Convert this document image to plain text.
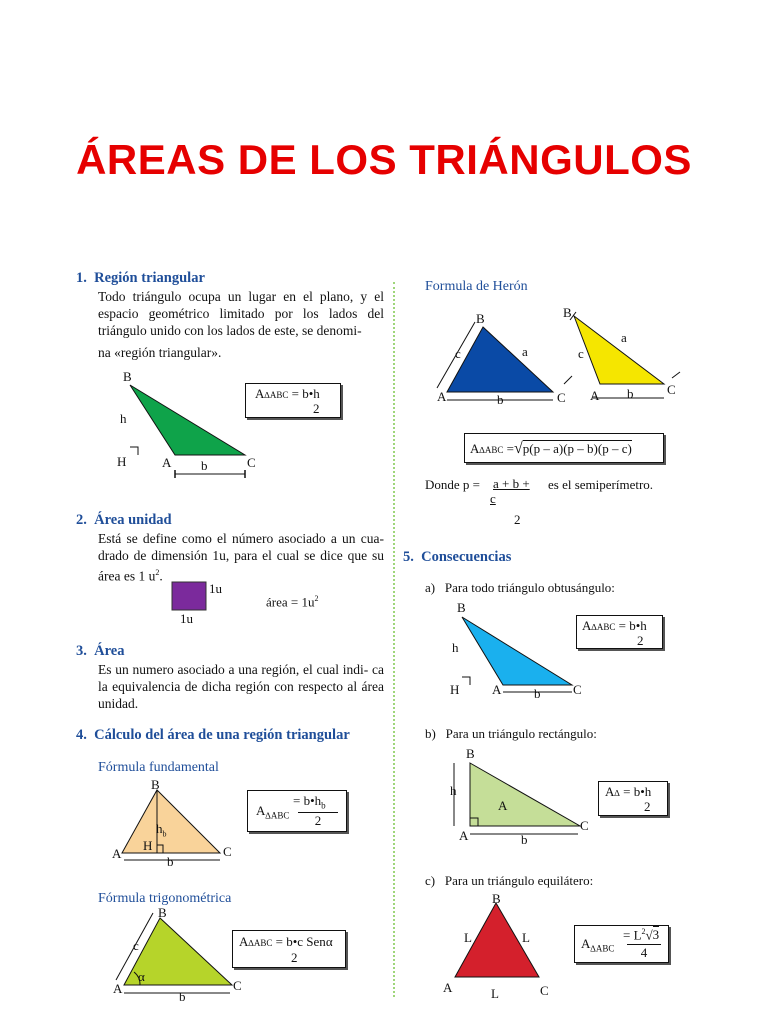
ÁREAS DE LOS TRIÁNGULOS
1. Región triangular
Todo triángulo ocupa un lugar en el plano, y el espacio geométrico limitado por los lados del triángulo unido con los lados de este, se denomi-
na «región triangular».
B
h
H	A b	C
A∆ABC = b•h
2
2. Área unidad
Está se define como el número asociado a un cua- drado de dimensión 1u, para el cual se dice que su área es 1 $u^2$.
1u
1u
área = $1u^2$
3. Área
Es un numero asociado a una región, el cual indi- ca la equivalencia de dicha región con respecto al área unidad.
4. Cálculo del área de una región triangular
Fórmula fundamental
B
$h_b$
H
A
b
C
$A_{\Delta ABC}$
= $b•h_b$
2
Fórmula trigonométrica
B
c
α
A
b
C
A∆ABC = b•c Senα
2
Formula de Herón
B
c	a
A	b	C
B
c
a
A b	C
A∆ABC =√p(p – a)(p – b)(p – c)
Donde p = a + b +
c
es el semiperímetro.
2
5. Consecuencias
a) Para todo triángulo obtusángulo:
B
h
H	A	b	C
A∆ABC = b•h
2
b) Para un triángulo rectángulo:
B
h
A
A	b
C
A∆ = b•h
2
c) Para un triángulo equilátero:
B
L	L
A	L	C
$A_{\Delta ABC}$
= $L^2√3$
4
